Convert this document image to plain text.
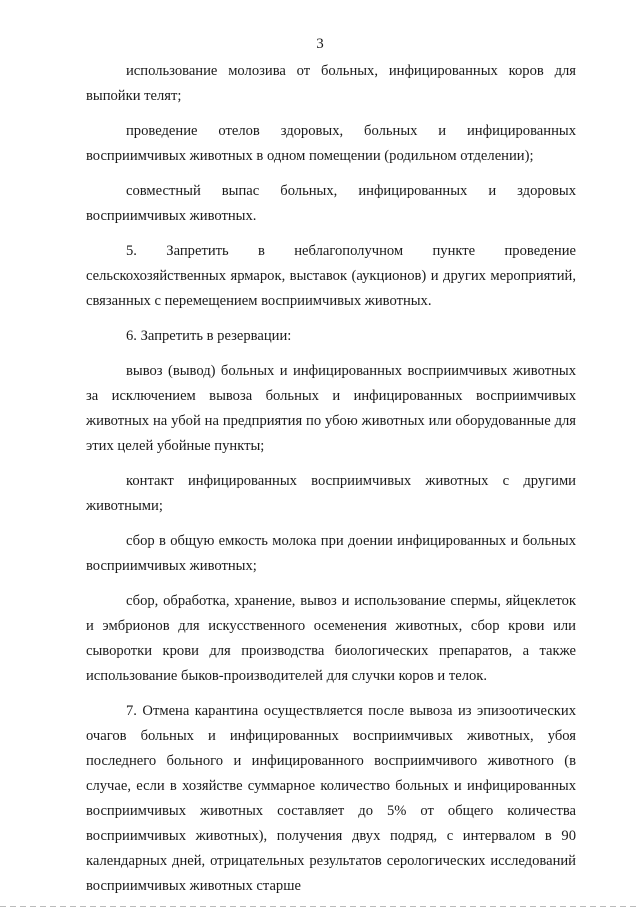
3

использование молозива от больных, инфицированных коров для выпойки телят;

проведение отелов здоровых, больных и инфицированных восприимчивых животных в одном помещении (родильном отделении);

совместный выпас больных, инфицированных и здоровых восприимчивых животных.

5. Запретить в неблагополучном пункте проведение сельскохозяйственных ярмарок, выставок (аукционов) и других мероприятий, связанных с перемещением восприимчивых животных.

6. Запретить в резервации:

вывоз (вывод) больных и инфицированных восприимчивых животных за исключением вывоза больных и инфицированных восприимчивых животных на убой на предприятия по убою животных или оборудованные для этих целей убойные пункты;

контакт инфицированных восприимчивых животных с другими животными;

сбор в общую емкость молока при доении инфицированных и больных восприимчивых животных;

сбор, обработка, хранение, вывоз и использование спермы, яйцеклеток и эмбрионов для искусственного осеменения животных, сбор крови или сыворотки крови для производства биологических препаратов, а также использование быков-производителей для случки коров и телок.

7. Отмена карантина осуществляется после вывоза из эпизоотических очагов больных и инфицированных восприимчивых животных, убоя последнего больного и инфицированного восприимчивого животного (в случае, если в хозяйстве суммарное количество больных и инфицированных восприимчивых животных составляет до 5% от общего количества восприимчивых животных), получения двух подряд, с интервалом в 90 календарных дней, отрицательных результатов серологических исследований восприимчивых животных старше
